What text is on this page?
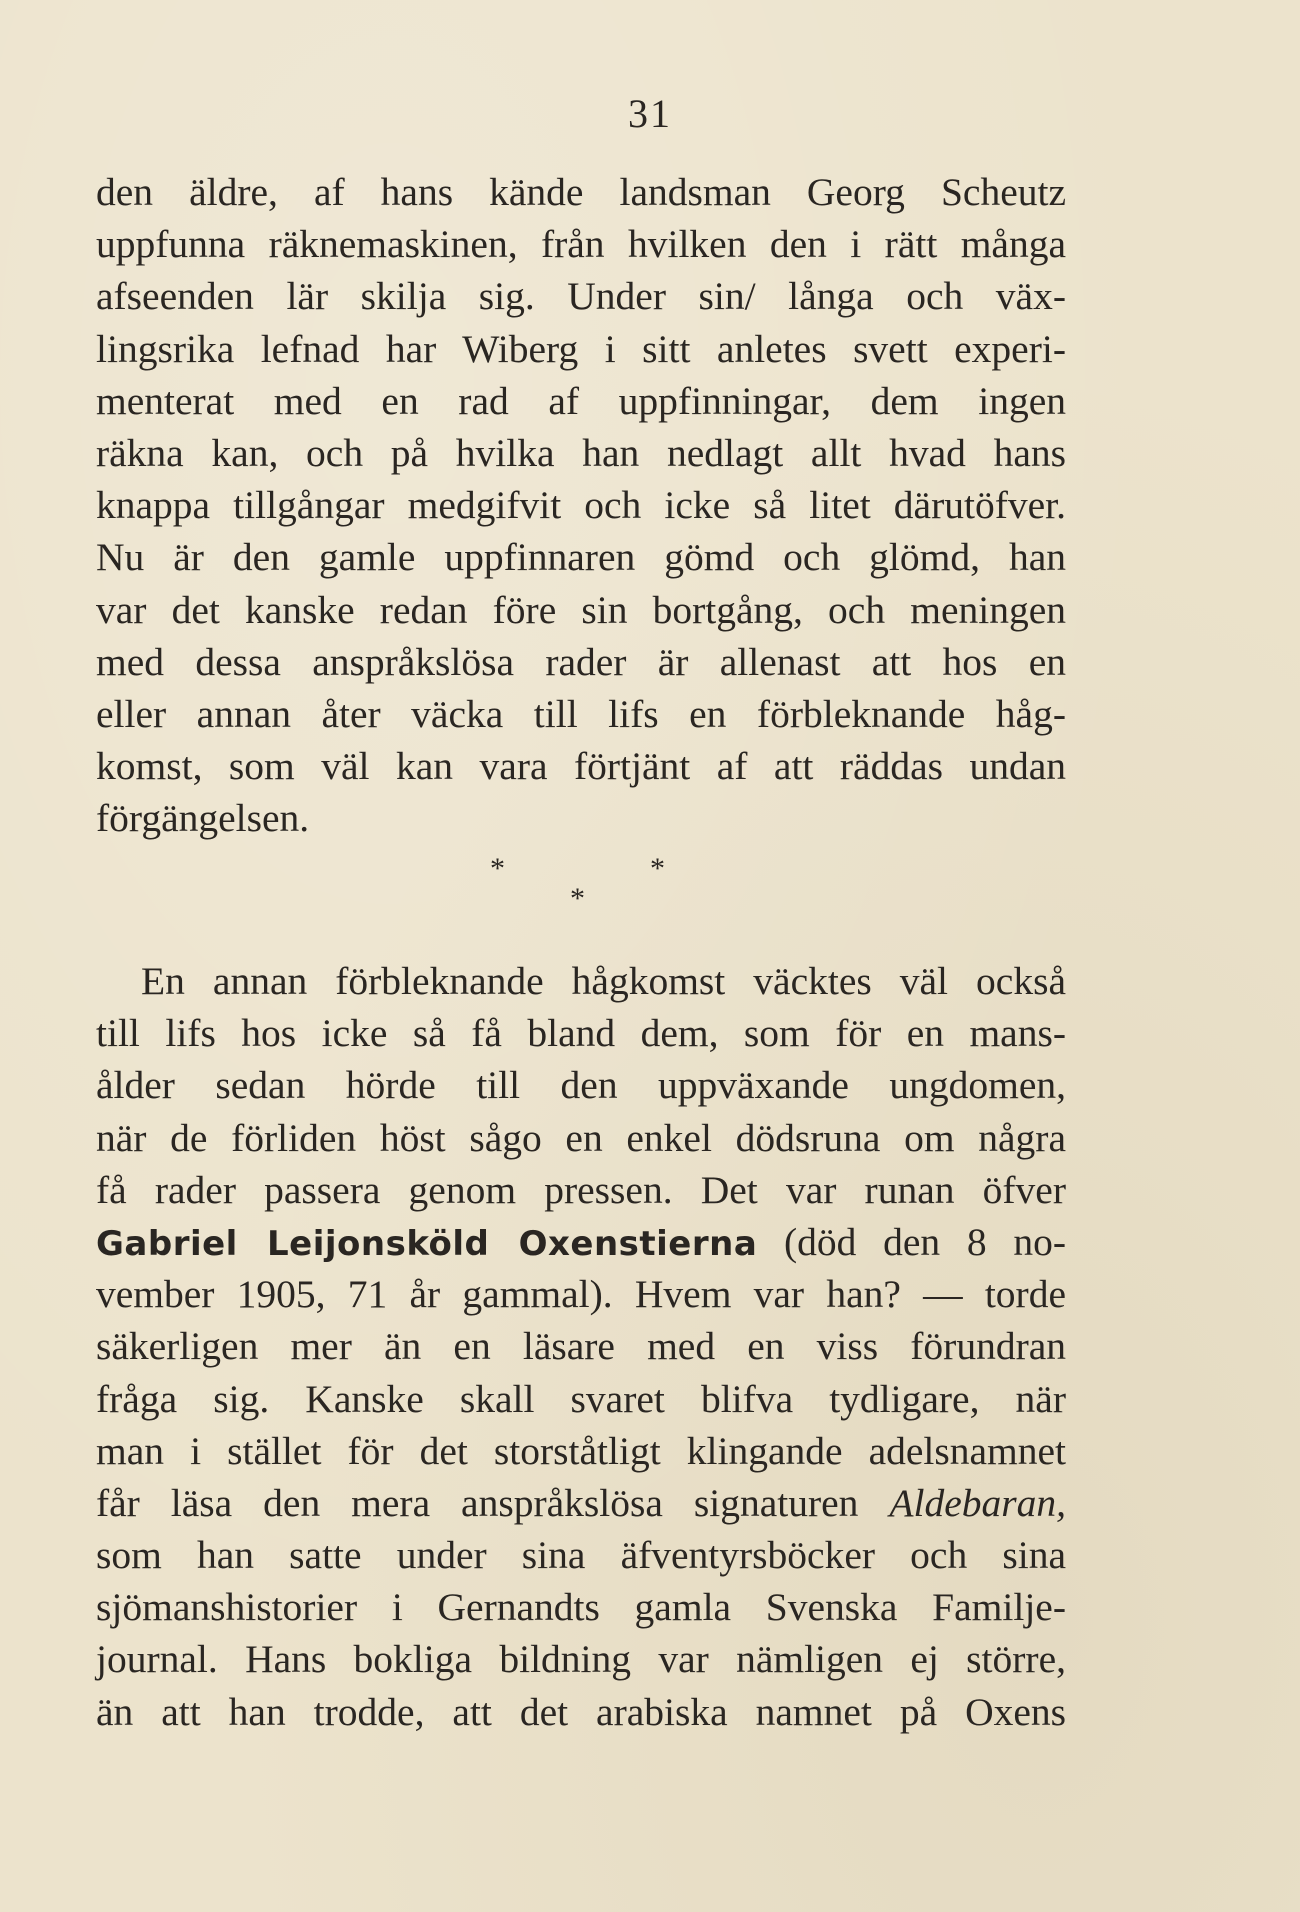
31
den äldre, af hans kände landsman Georg Scheutz
uppfunna räknemaskinen, från hvilken den i rätt många
afseenden lär skilja sig. Under sin/ långa och väx-
lingsrika lefnad har Wiberg i sitt anletes svett experi-
menterat med en rad af uppfinningar, dem ingen
räkna kan, och på hvilka han nedlagt allt hvad hans
knappa tillgångar medgifvit och icke så litet därutöfver.
Nu är den gamle uppfinnaren gömd och glömd, han
var det kanske redan före sin bortgång, och meningen
med dessa anspråkslösa rader är allenast att hos en
eller annan åter väcka till lifs en förbleknande håg-
komst, som väl kan vara förtjänt af att räddas undan
förgängelsen.
*	*
*
En annan förbleknande hågkomst väcktes väl också
till lifs hos icke så få bland dem, som för en mans-
ålder sedan hörde till den uppväxande ungdomen,
när de förliden höst sågo en enkel dödsruna om några
få rader passera genom pressen. Det var runan öfver
Gabriel Leijonsköld Oxenstierna (död den 8 no-
vember 1905, 71 år gammal). Hvem var han? — torde
säkerligen mer än en läsare med en viss förundran
fråga sig. Kanske skall svaret blifva tydligare, när
man i stället för det storståtligt klingande adelsnamnet
får läsa den mera anspråkslösa signaturen Aldebaran,
som han satte under sina äfventyrsböcker och sina
sjömanshistorier i Gernandts gamla Svenska Familje-
journal. Hans bokliga bildning var nämligen ej större,
än att han trodde, att det arabiska namnet på Oxens
